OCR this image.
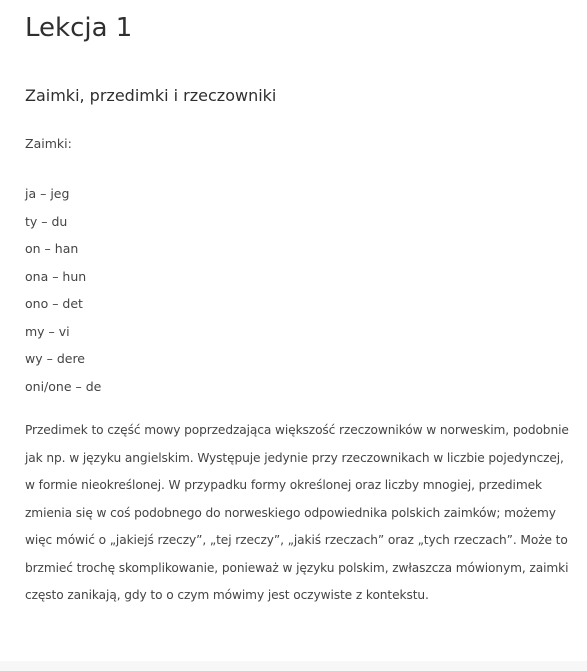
Lekcja 1
Zaimki, przedimki i rzeczowniki
Zaimki:
ja – jeg
ty – du
on – han
ona – hun
ono – det
my – vi
wy – dere
oni/one – de

Przedimek to część mowy poprzedzająca większość rzeczowników w norweskim, podobnie jak np. w języku angielskim. Występuje jedynie przy rzeczownikach w liczbie pojedynczej, w formie nieokreślonej. W przypadku formy określonej oraz liczby mnogiej, przedimek zmienia się w coś podobnego do norweskiego odpowiednika polskich zaimków; możemy więc mówić o „jakiejś rzeczy”, „tej rzeczy”, „jakiś rzeczach” oraz „tych rzeczach”. Może to brzmieć trochę skomplikowanie, ponieważ w języku polskim, zwłaszcza mówionym, zaimki często zanikają, gdy to o czym mówimy jest oczywiste z kontekstu.
